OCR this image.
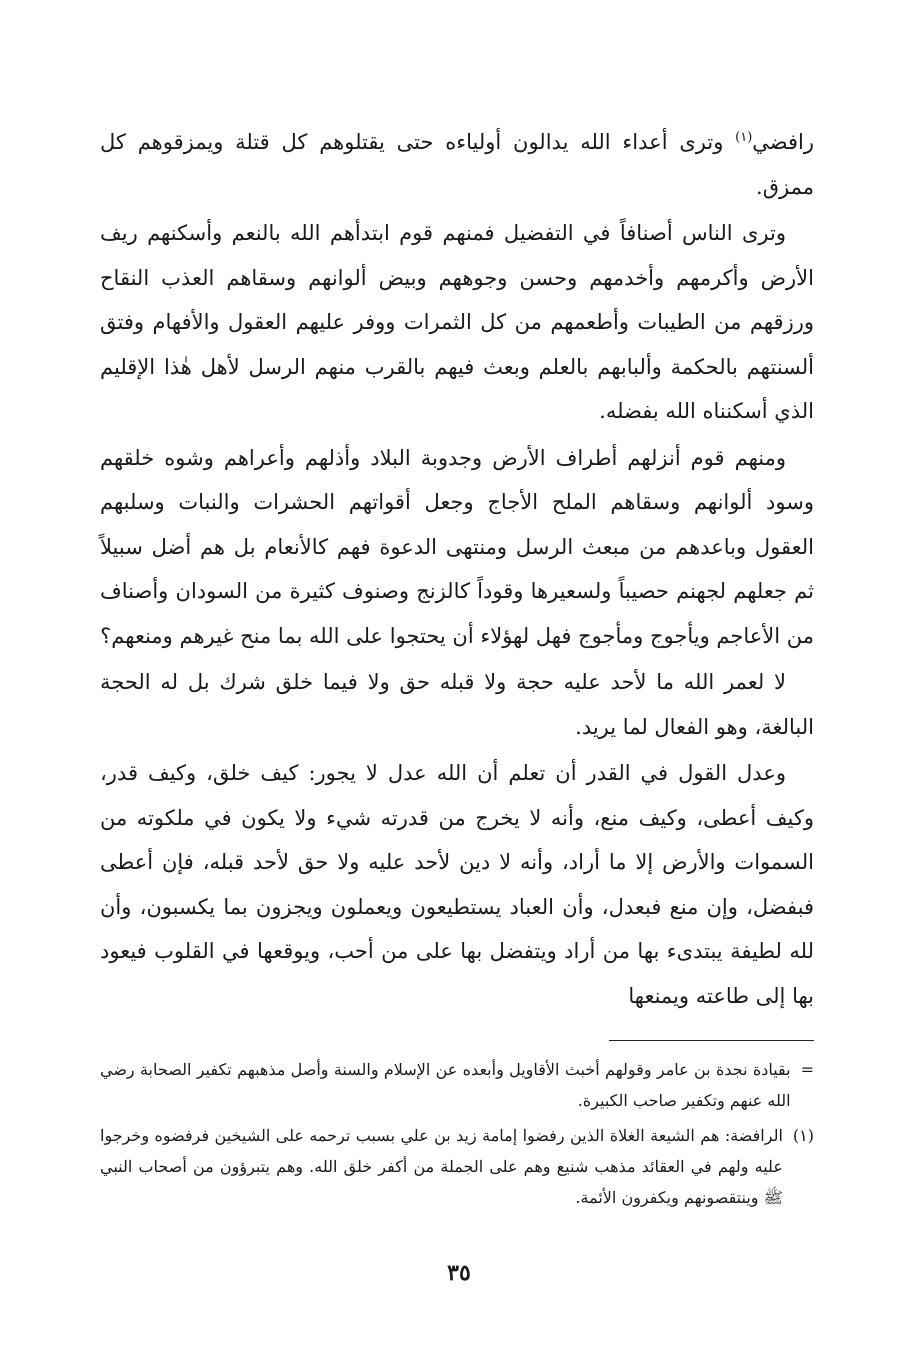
رافضي$^{(١)}$ وترى أعداء الله يدالون أولياءه حتى يقتلوهم كل قتلة ويمزقوهم كل ممزق.

وترى الناس أصنافاً في التفضيل فمنهم قوم ابتدأهم الله بالنعم وأسكنهم ريف الأرض وأكرمهم وأخدمهم وحسن وجوههم وبيض ألوانهم وسقاهم العذب النقاح ورزقهم من الطيبات وأطعمهم من كل الثمرات ووفر عليهم العقول والأفهام وفتق ألسنتهم بالحكمة وألبابهم بالعلم وبعث فيهم بالقرب منهم الرسل لأهل هٰذا الإقليم الذي أسكنناه الله بفضله.

ومنهم قوم أنزلهم أطراف الأرض وجدوبة البلاد وأذلهم وأعراهم وشوه خلقهم وسود ألوانهم وسقاهم الملح الأجاج وجعل أقواتهم الحشرات والنبات وسلبهم العقول وباعدهم من مبعث الرسل ومنتهى الدعوة فهم كالأنعام بل هم أضل سبيلاً ثم جعلهم لجهنم حصيباً ولسعيرها وقوداً كالزنج وصنوف كثيرة من السودان وأصناف من الأعاجم ويأجوج ومأجوج فهل لهؤلاء أن يحتجوا على الله بما منح غيرهم ومنعهم؟

لا لعمر الله ما لأحد عليه حجة ولا قبله حق ولا فيما خلق شرك بل له الحجة البالغة، وهو الفعال لما يريد.

وعدل القول في القدر أن تعلم أن الله عدل لا يجور: كيف خلق، وكيف قدر، وكيف أعطى، وكيف منع، وأنه لا يخرج من قدرته شيء ولا يكون في ملكوته من السموات والأرض إلا ما أراد، وأنه لا دين لأحد عليه ولا حق لأحد قبله، فإن أعطى فبفضل، وإن منع فبعدل، وأن العباد يستطيعون ويعملون ويجزون بما يكسبون، وأن لله لطيفة يبتدىء بها من أراد ويتفضل بها على من أحب، ويوقعها في القلوب فيعود بها إلى طاعته ويمنعها

=
بقيادة نجدة بن عامر وقولهم أخبث الأقاويل وأبعده عن الإسلام والسنة وأصل مذهبهم تكفير الصحابة رضي الله عنهم وتكفير صاحب الكبيرة.
(١)
الرافضة: هم الشيعة الغلاة الذين رفضوا إمامة زيد بن علي بسبب ترحمه على الشيخين فرفضوه وخرجوا عليه ولهم في العقائد مذهب شنيع وهم على الجملة من أكفر خلق الله. وهم يتبرؤون من أصحاب النبي ﷺ وينتقصونهم ويكفرون الأئمة.
٣٥
